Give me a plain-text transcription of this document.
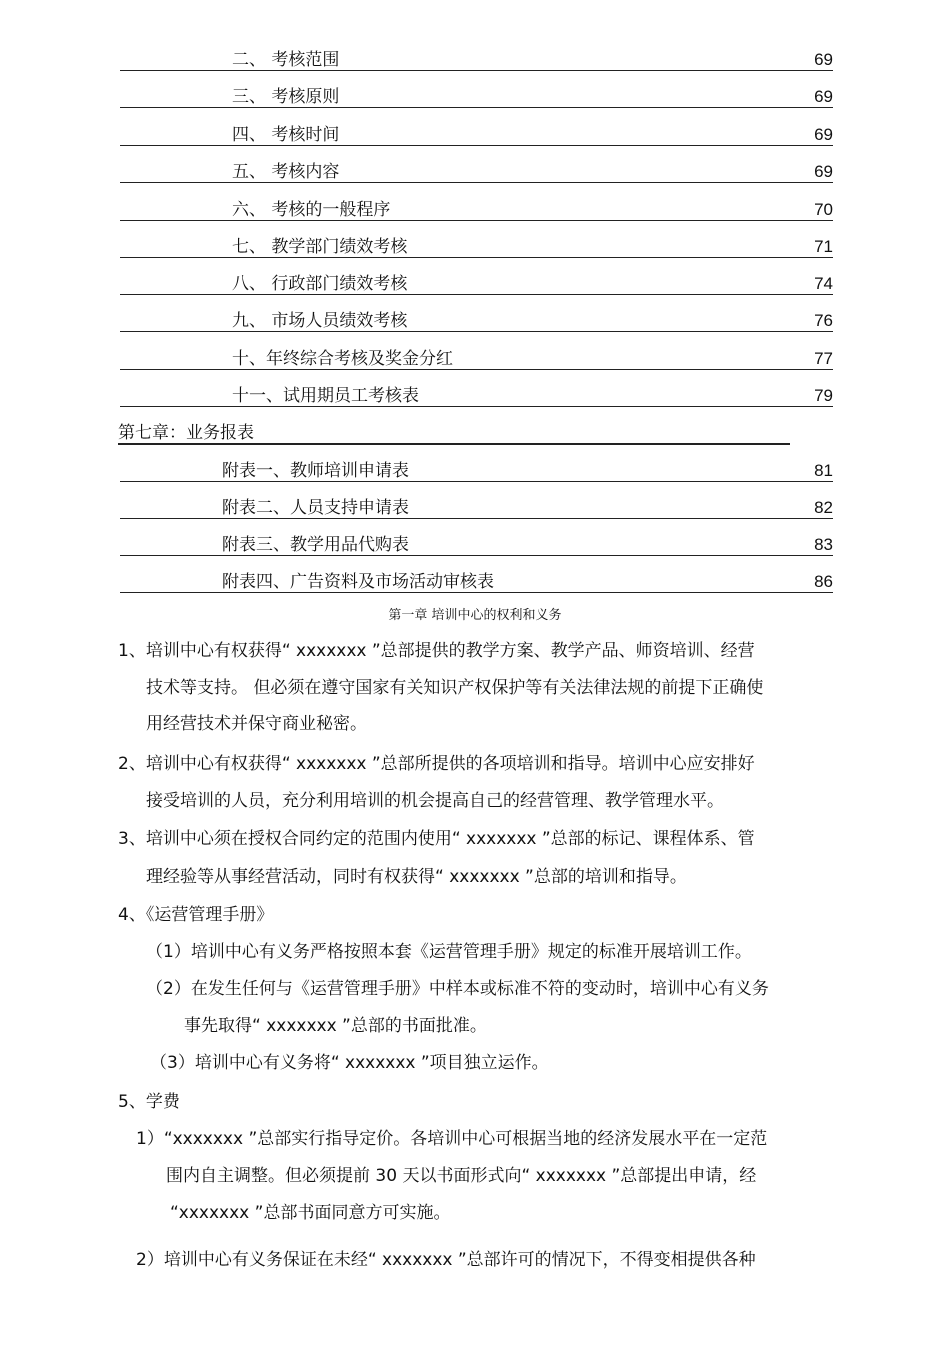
二、 考核范围	69
三、 考核原则	69
四、 考核时间	69
五、 考核内容	69
六、 考核的一般程序	70
七、 教学部门绩效考核	71
八、 行政部门绩效考核	74
九、 市场人员绩效考核	76
十、年终综合考核及奖金分红	77
十一、试用期员工考核表	79
第七章：业务报表
附表一、教师培训申请表	81
附表二、人员支持申请表	82
附表三、教学用品代购表	83
附表四、广告资料及市场活动审核表	86
第一章 培训中心的权利和义务
1、培训中心有权获得“ xxxxxxx ”总部提供的教学方案、教学产品、师资培训、经营
技术等支持。 但必须在遵守国家有关知识产权保护等有关法律法规的前提下正确使
用经营技术并保守商业秘密。
2、培训中心有权获得“ xxxxxxx ”总部所提供的各项培训和指导。培训中心应安排好
接受培训的人员，充分利用培训的机会提高自己的经营管理、教学管理水平。
3、培训中心须在授权合同约定的范围内使用“ xxxxxxx ”总部的标记、课程体系、管
理经验等从事经营活动，同时有权获得“ xxxxxxx ”总部的培训和指导。
4、《运营管理手册》
（1）培训中心有义务严格按照本套《运营管理手册》规定的标准开展培训工作。
（2）在发生任何与《运营管理手册》中样本或标准不符的变动时，培训中心有义务
事先取得“ xxxxxxx ”总部的书面批准。
（3）培训中心有义务将“ xxxxxxx ”项目独立运作。
5、学费
1）“xxxxxxx ”总部实行指导定价。各培训中心可根据当地的经济发展水平在一定范
围内自主调整。但必须提前 30 天以书面形式向“ xxxxxxx ”总部提出申请，经
“xxxxxxx ”总部书面同意方可实施。
2）培训中心有义务保证在未经“ xxxxxxx ”总部许可的情况下，不得变相提供各种
